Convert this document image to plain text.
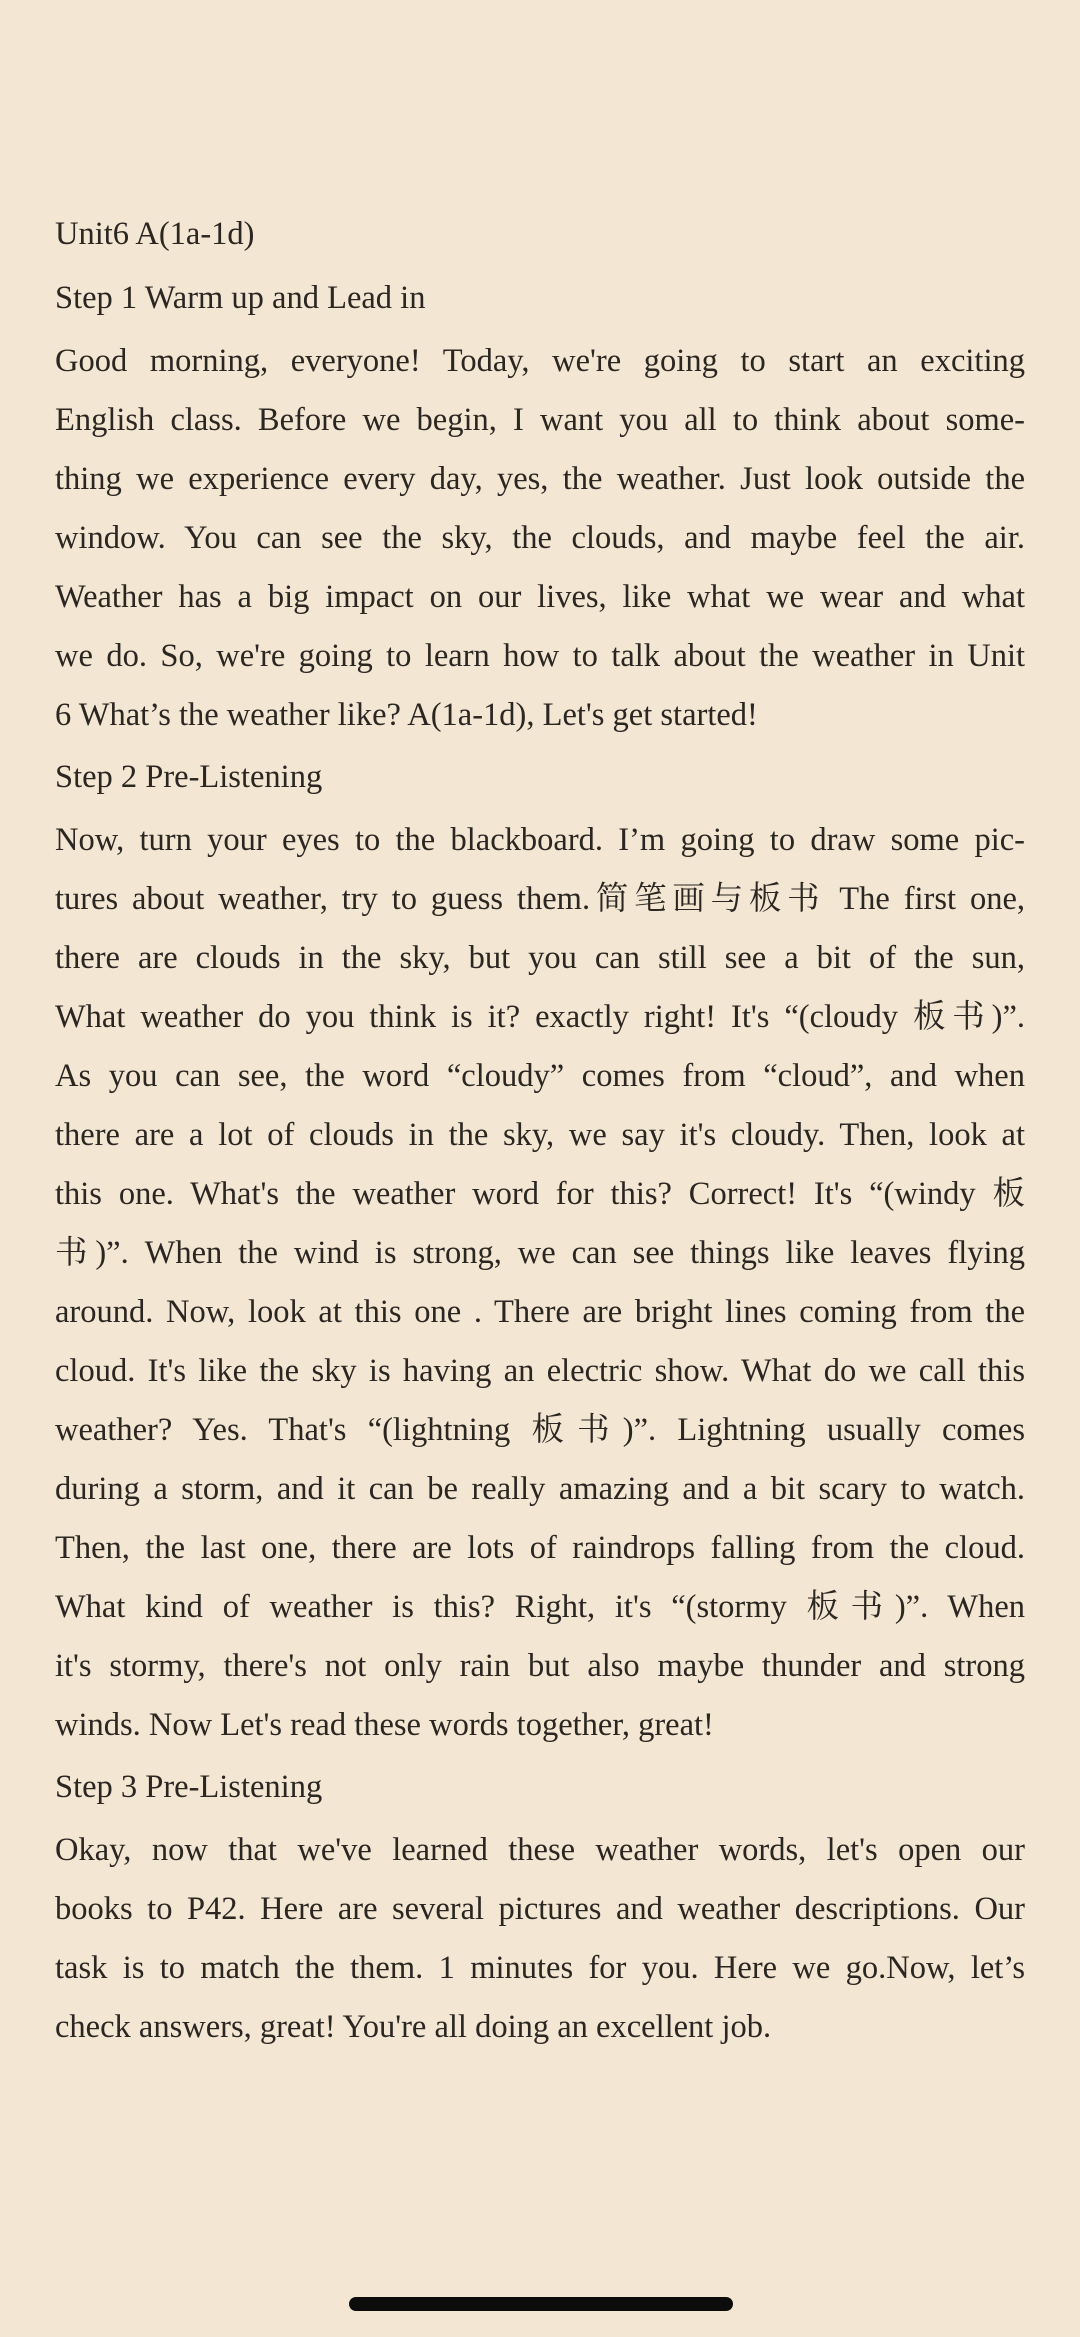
Unit6 A(1a-1d)
Step 1 Warm up and Lead in
Good morning, everyone! Today, we're going to start an exciting
English class. Before we begin, I want you all to think about some-
thing we experience every day, yes, the weather. Just look outside the
window. You can see the sky, the clouds, and maybe feel the air.
Weather has a big impact on our lives, like what we wear and what
we do. So, we're going to learn how to talk about the weather in Unit
6 What’s the weather like? A(1a-1d), Let's get started!
Step 2 Pre-Listening
Now, turn your eyes to the blackboard. I’m going to draw some pic-
tures about weather, try to guess them.简笔画与板书 The first one,
there are clouds in the sky, but you can still see a bit of the sun,
What weather do you think is it? exactly right! It's “(cloudy 板书)”.
As you can see, the word “cloudy” comes from “cloud”, and when
there are a lot of clouds in the sky, we say it's cloudy. Then, look at
this one. What's the weather word for this? Correct! It's “(windy 板
书)”. When the wind is strong, we can see things like leaves flying
around. Now, look at this one . There are bright lines coming from the
cloud. It's like the sky is having an electric show. What do we call this
weather? Yes. That's “(lightning 板书)”. Lightning usually comes
during a storm, and it can be really amazing and a bit scary to watch.
Then, the last one, there are lots of raindrops falling from the cloud.
What kind of weather is this? Right, it's “(stormy 板书)”. When
it's stormy, there's not only rain but also maybe thunder and strong
winds. Now Let's read these words together, great!
Step 3 Pre-Listening
Okay, now that we've learned these weather words, let's open our
books to P42. Here are several pictures and weather descriptions. Our
task is to match the them. 1 minutes for you. Here we go.Now, let’s
check answers, great! You're all doing an excellent job.
